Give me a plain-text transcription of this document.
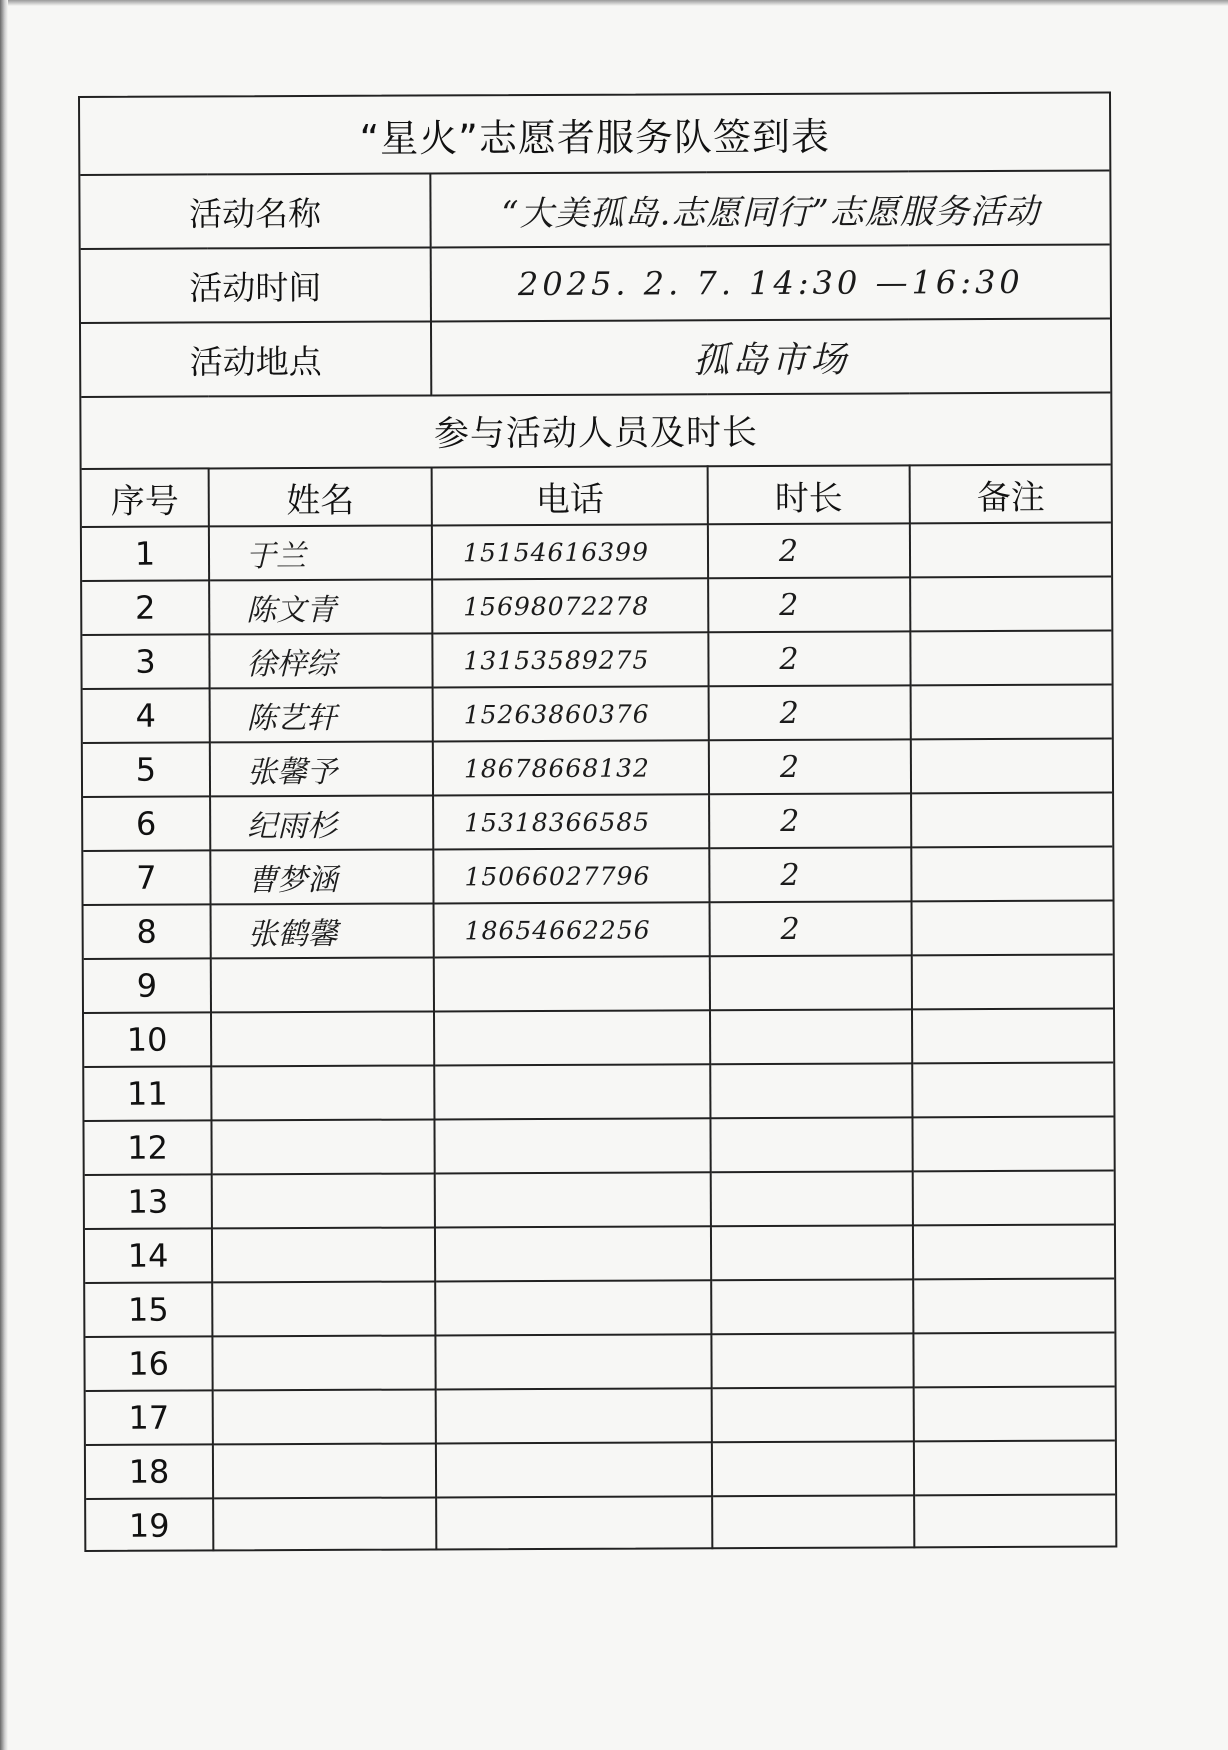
“星火”志愿者服务队签到表				
活动名称		“大美孤岛.志愿同行”志愿服务活动		
活动时间		2025. 2. 7. 14:30 —16:30		
活动地点		孤岛市场		
参与活动人员及时长				
序号	姓名	电话	时长	备注
1	于兰	15154616399	2	
2	陈文青	15698072278	2	
3	徐梓综	13153589275	2	
4	陈艺轩	15263860376	2	
5	张馨予	18678668132	2	
6	纪雨杉	15318366585	2	
7	曹梦涵	15066027796	2	
8	张鹤馨	18654662256	2	
9				
10				
11				
12				
13				
14				
15				
16				
17				
18				
19				
